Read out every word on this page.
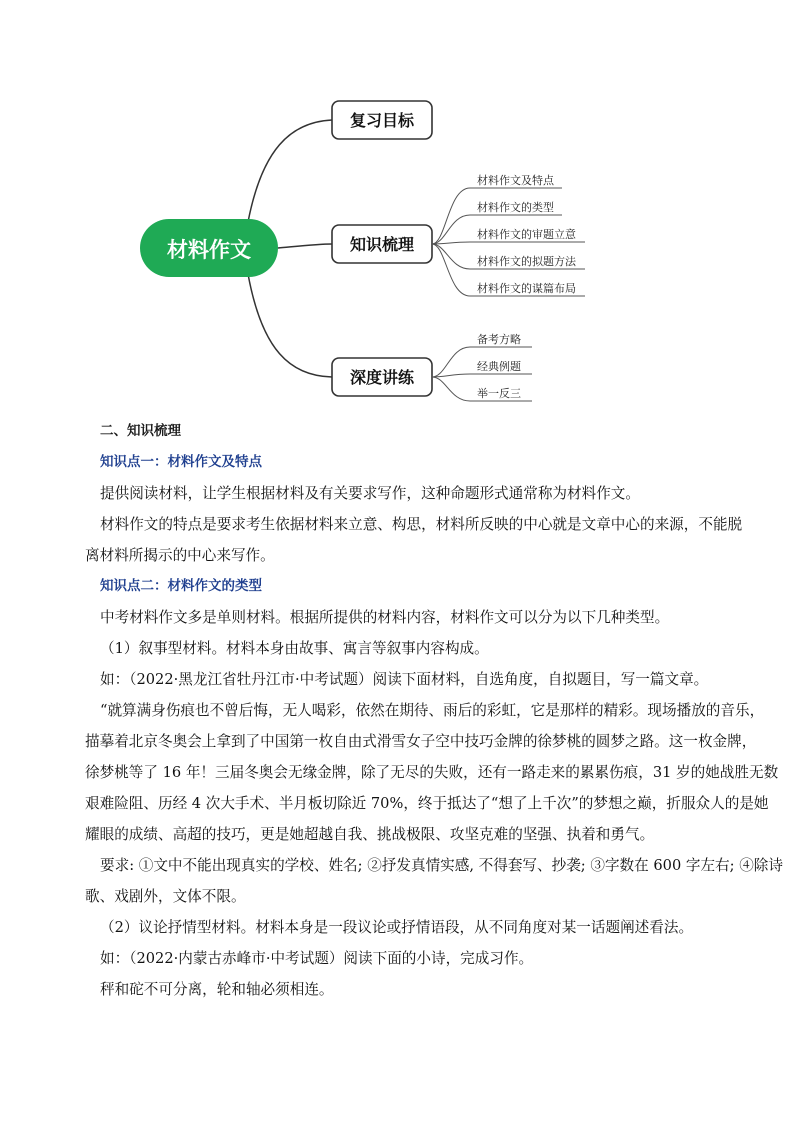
材料作文
复习目标
知识梳理
深度讲练
材料作文及特点
材料作文的类型
材料作文的审题立意
材料作文的拟题方法
材料作文的谋篇布局
备考方略
经典例题
举一反三

二、知识梳理

知识点一：材料作文及特点

提供阅读材料，让学生根据材料及有关要求写作，这种命题形式通常称为材料作文。

材料作文的特点是要求考生依据材料来立意、构思，材料所反映的中心就是文章中心的来源，不能脱
离材料所揭示的中心来写作。

知识点二：材料作文的类型

中考材料作文多是单则材料。根据所提供的材料内容，材料作文可以分为以下几种类型。

（1）叙事型材料。材料本身由故事、寓言等叙事内容构成。

如：（2022·黑龙江省牡丹江市·中考试题）阅读下面材料，自选角度，自拟题目，写一篇文章。

“就算满身伤痕也不曾后悔，无人喝彩，依然在期待、雨后的彩虹，它是那样的精彩。现场播放的音乐，
描摹着北京冬奥会上拿到了中国第一枚自由式滑雪女子空中技巧金牌的徐梦桃的圆梦之路。这一枚金牌，
徐梦桃等了 16 年！三届冬奥会无缘金牌，除了无尽的失败，还有一路走来的累累伤痕，31 岁的她战胜无数
艰难险阻、历经 4 次大手术、半月板切除近 70%，终于抵达了“想了上千次”的梦想之巅，折服众人的是她
耀眼的成绩、高超的技巧，更是她超越自我、挑战极限、攻坚克难的坚强、执着和勇气。

要求: ①文中不能出现真实的学校、姓名; ②抒发真情实感, 不得套写、抄袭; ③字数在 600 字左右; ④除诗
歌、戏剧外，文体不限。

（2）议论抒情型材料。材料本身是一段议论或抒情语段，从不同角度对某一话题阐述看法。

如：（2022·内蒙古赤峰市·中考试题）阅读下面的小诗，完成习作。

秤和砣不可分离，轮和轴必须相连。
